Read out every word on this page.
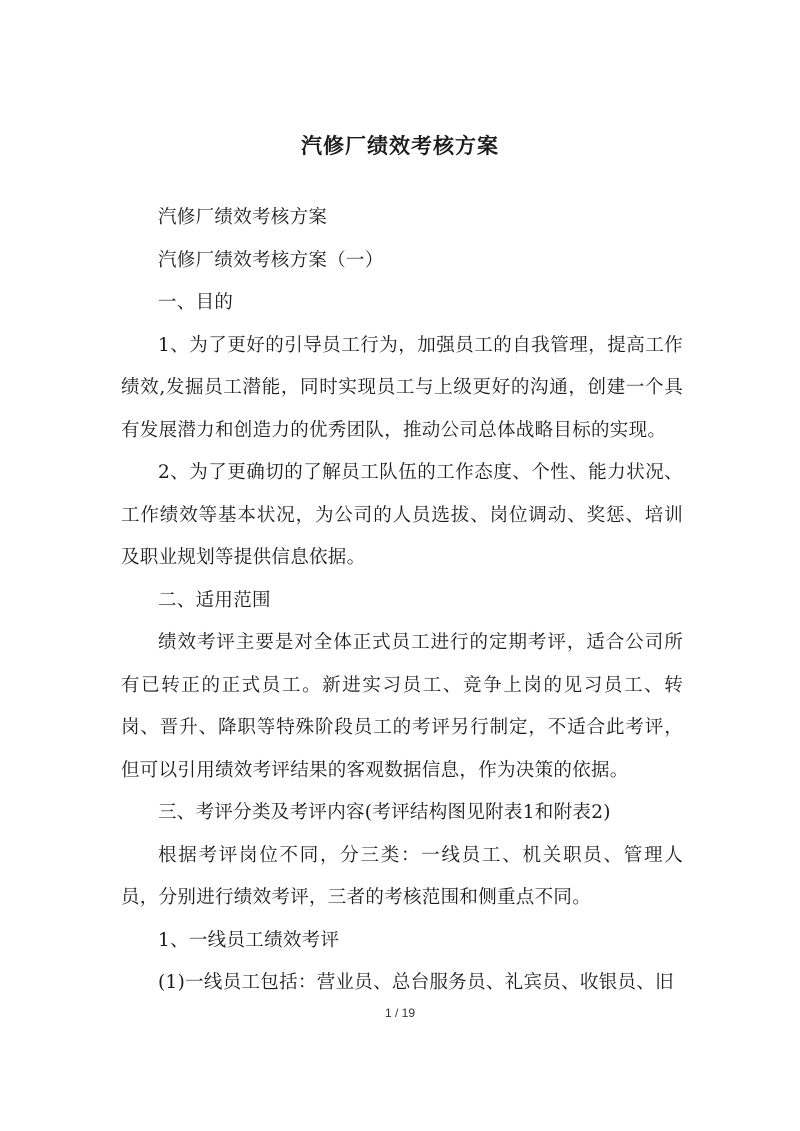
汽修厂绩效考核方案

汽修厂绩效考核方案

汽修厂绩效考核方案（一）

一、目的

1、为了更好的引导员工行为，加强员工的自我管理，提高工作绩效,发掘员工潜能，同时实现员工与上级更好的沟通，创建一个具有发展潜力和创造力的优秀团队，推动公司总体战略目标的实现。

2、为了更确切的了解员工队伍的工作态度、个性、能力状况、工作绩效等基本状况，为公司的人员选拔、岗位调动、奖惩、培训及职业规划等提供信息依据。

二、适用范围

绩效考评主要是对全体正式员工进行的定期考评，适合公司所有已转正的正式员工。新进实习员工、竞争上岗的见习员工、转岗、晋升、降职等特殊阶段员工的考评另行制定，不适合此考评，但可以引用绩效考评结果的客观数据信息，作为决策的依据。

三、考评分类及考评内容(考评结构图见附表1和附表2)

根据考评岗位不同，分三类：一线员工、机关职员、管理人员，分别进行绩效考评，三者的考核范围和侧重点不同。

1、一线员工绩效考评

(1)一线员工包括：营业员、总台服务员、礼宾员、收银员、旧

1 / 19
